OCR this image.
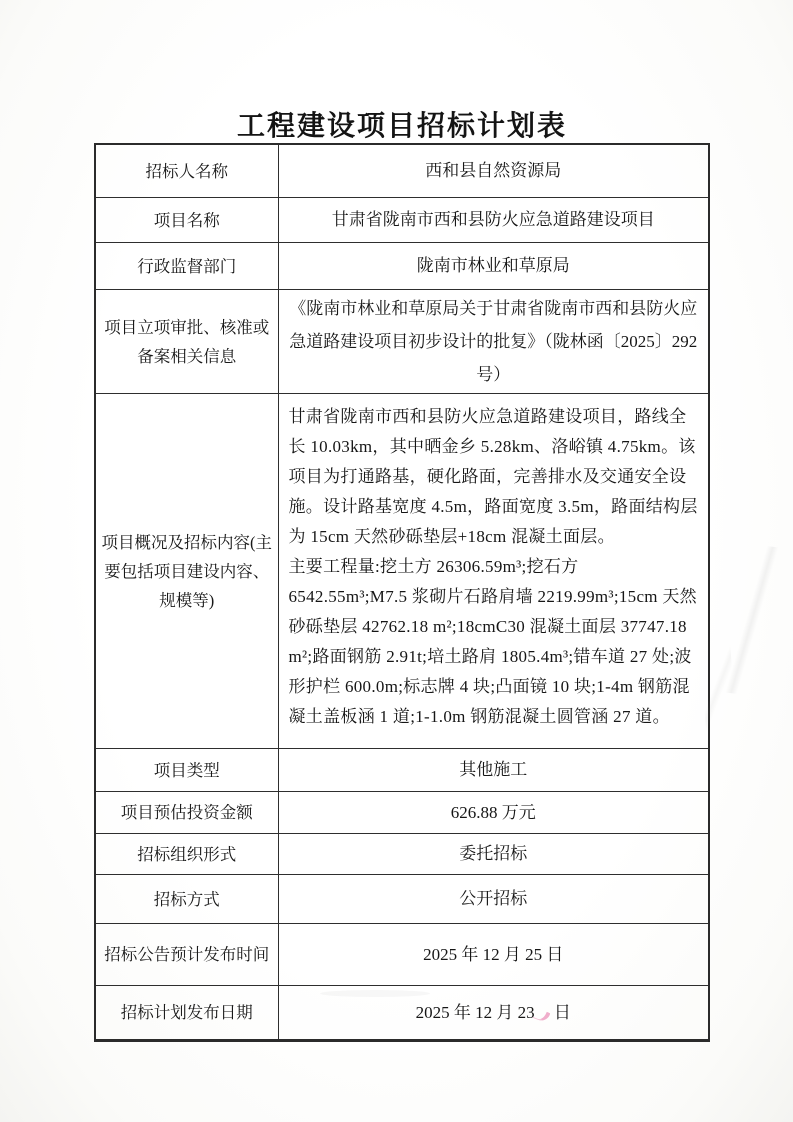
工程建设项目招标计划表
招标人名称	西和县自然资源局
项目名称	甘肃省陇南市西和县防火应急道路建设项目
行政监督部门	陇南市林业和草原局
项目立项审批、核准或备案相关信息	《陇南市林业和草原局关于甘肃省陇南市西和县防火应急道路建设项目初步设计的批复》（陇林函〔2025〕292 号）
项目概况及招标内容(主要包括项目建设内容、规模等)	甘肃省陇南市西和县防火应急道路建设项目，路线全长 10.03km，其中晒金乡 5.28km、洛峪镇 4.75km。该项目为打通路基，硬化路面，完善排水及交通安全设施。设计路基宽度 4.5m，路面宽度 3.5m，路面结构层为 15cm 天然砂砾垫层+18cm 混凝土面层。

主要工程量:挖土方 26306.59m³;挖石方 6542.55m³;M7.5 浆砌片石路肩墙 2219.99m³;15cm 天然砂砾垫层 42762.18 m²;18cmC30 混凝土面层 37747.18 m²;路面钢筋 2.91t;培土路肩 1805.4m³;错车道 27 处;波形护栏 600.0m;标志牌 4 块;凸面镜 10 块;1-4m 钢筋混凝土盖板涵 1 道;1-1.0m 钢筋混凝土圆管涵 27 道。

项目类型	其他施工
项目预估投资金额	626.88 万元
招标组织形式	委托招标
招标方式	公开招标
招标公告预计发布时间	2025 年 12 月 25 日
招标计划发布日期	2025 年 12 月 23 日
